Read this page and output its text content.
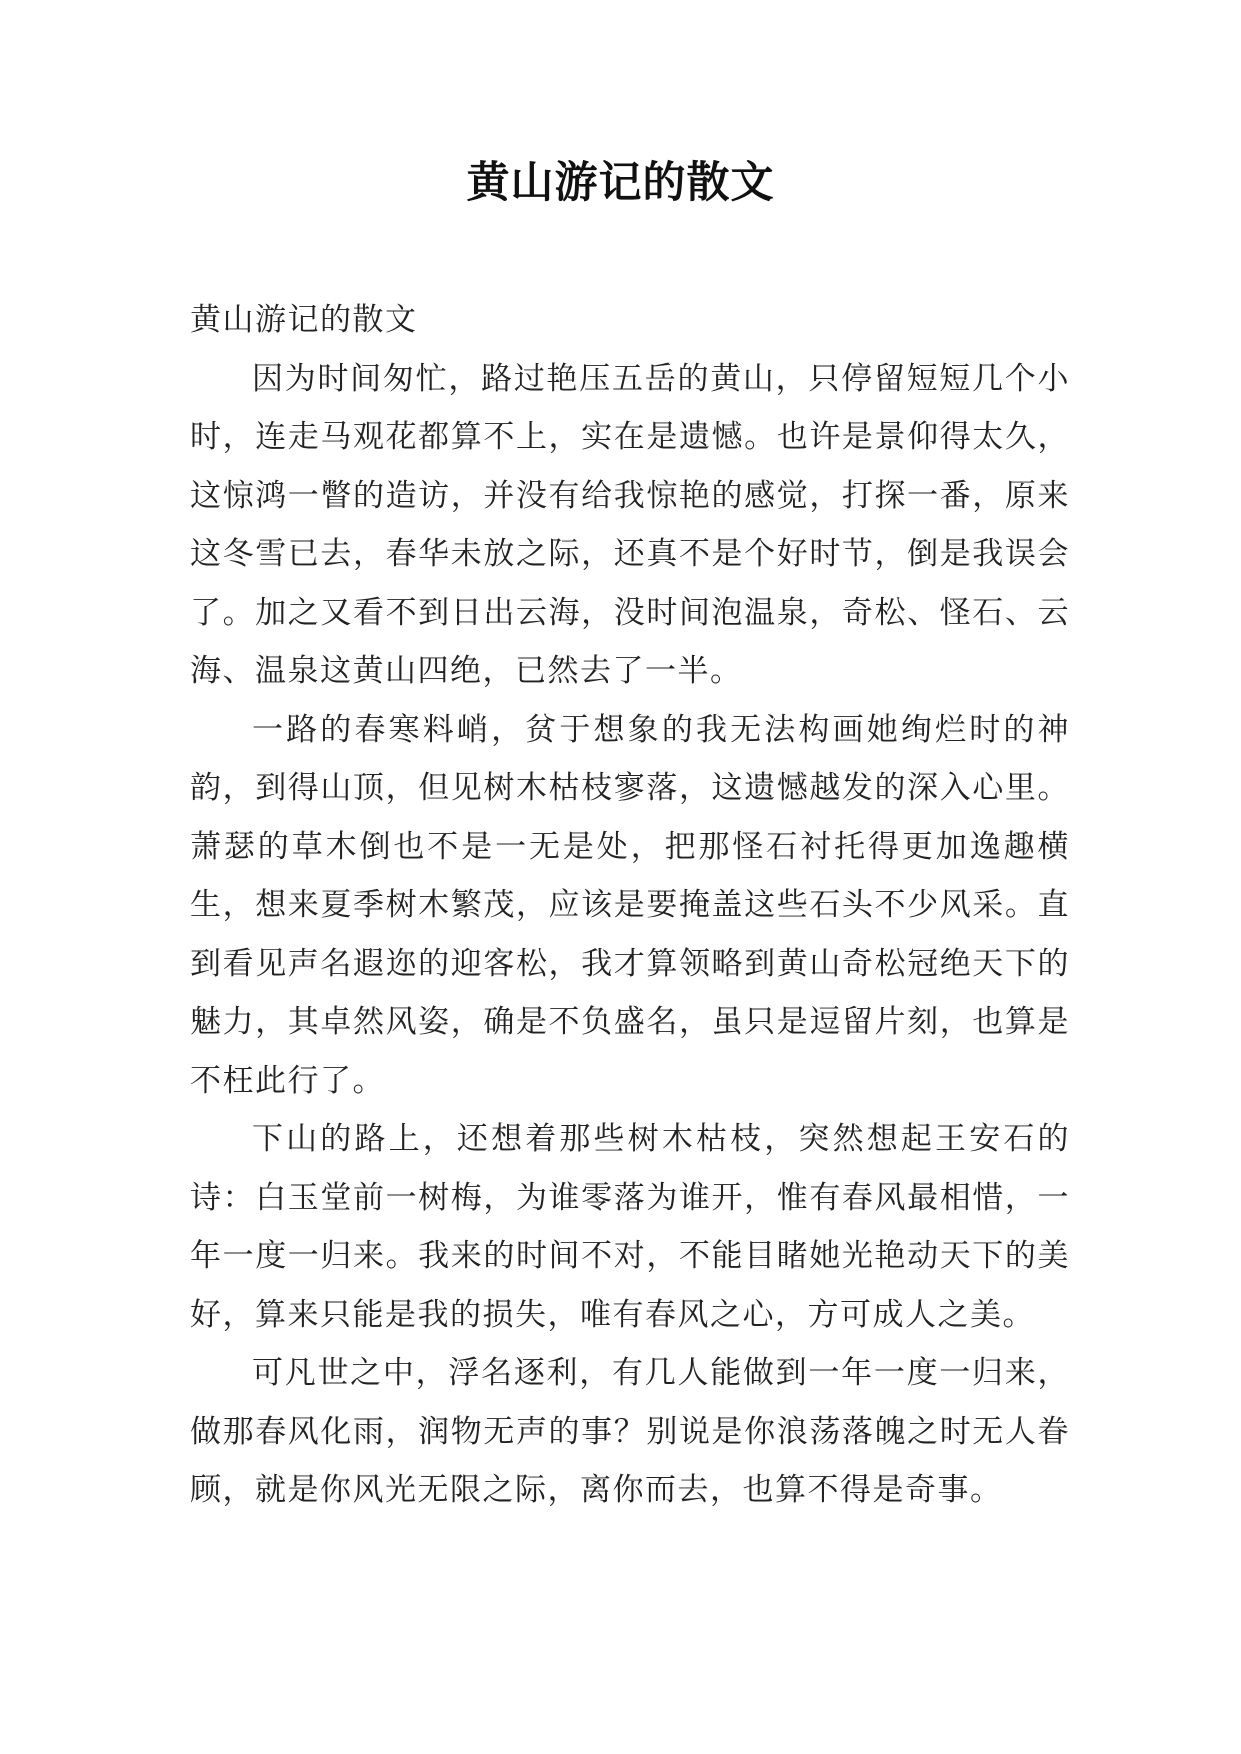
黄山游记的散文

黄山游记的散文

因为时间匆忙，路过艳压五岳的黄山，只停留短短几个小时，连走马观花都算不上，实在是遗憾。也许是景仰得太久，这惊鸿一瞥的造访，并没有给我惊艳的感觉，打探一番，原来这冬雪已去，春华未放之际，还真不是个好时节，倒是我误会了。加之又看不到日出云海，没时间泡温泉，奇松、怪石、云海、温泉这黄山四绝，已然去了一半。

一路的春寒料峭，贫于想象的我无法构画她绚烂时的神韵，到得山顶，但见树木枯枝寥落，这遗憾越发的深入心里。萧瑟的草木倒也不是一无是处，把那怪石衬托得更加逸趣横生，想来夏季树木繁茂，应该是要掩盖这些石头不少风采。直到看见声名遐迩的迎客松，我才算领略到黄山奇松冠绝天下的魅力，其卓然风姿，确是不负盛名，虽只是逗留片刻，也算是不枉此行了。

下山的路上，还想着那些树木枯枝，突然想起王安石的诗：白玉堂前一树梅，为谁零落为谁开，惟有春风最相惜，一年一度一归来。我来的时间不对，不能目睹她光艳动天下的美好，算来只能是我的损失，唯有春风之心，方可成人之美。

可凡世之中，浮名逐利，有几人能做到一年一度一归来，做那春风化雨，润物无声的事？别说是你浪荡落魄之时无人眷顾，就是你风光无限之际，离你而去，也算不得是奇事。
